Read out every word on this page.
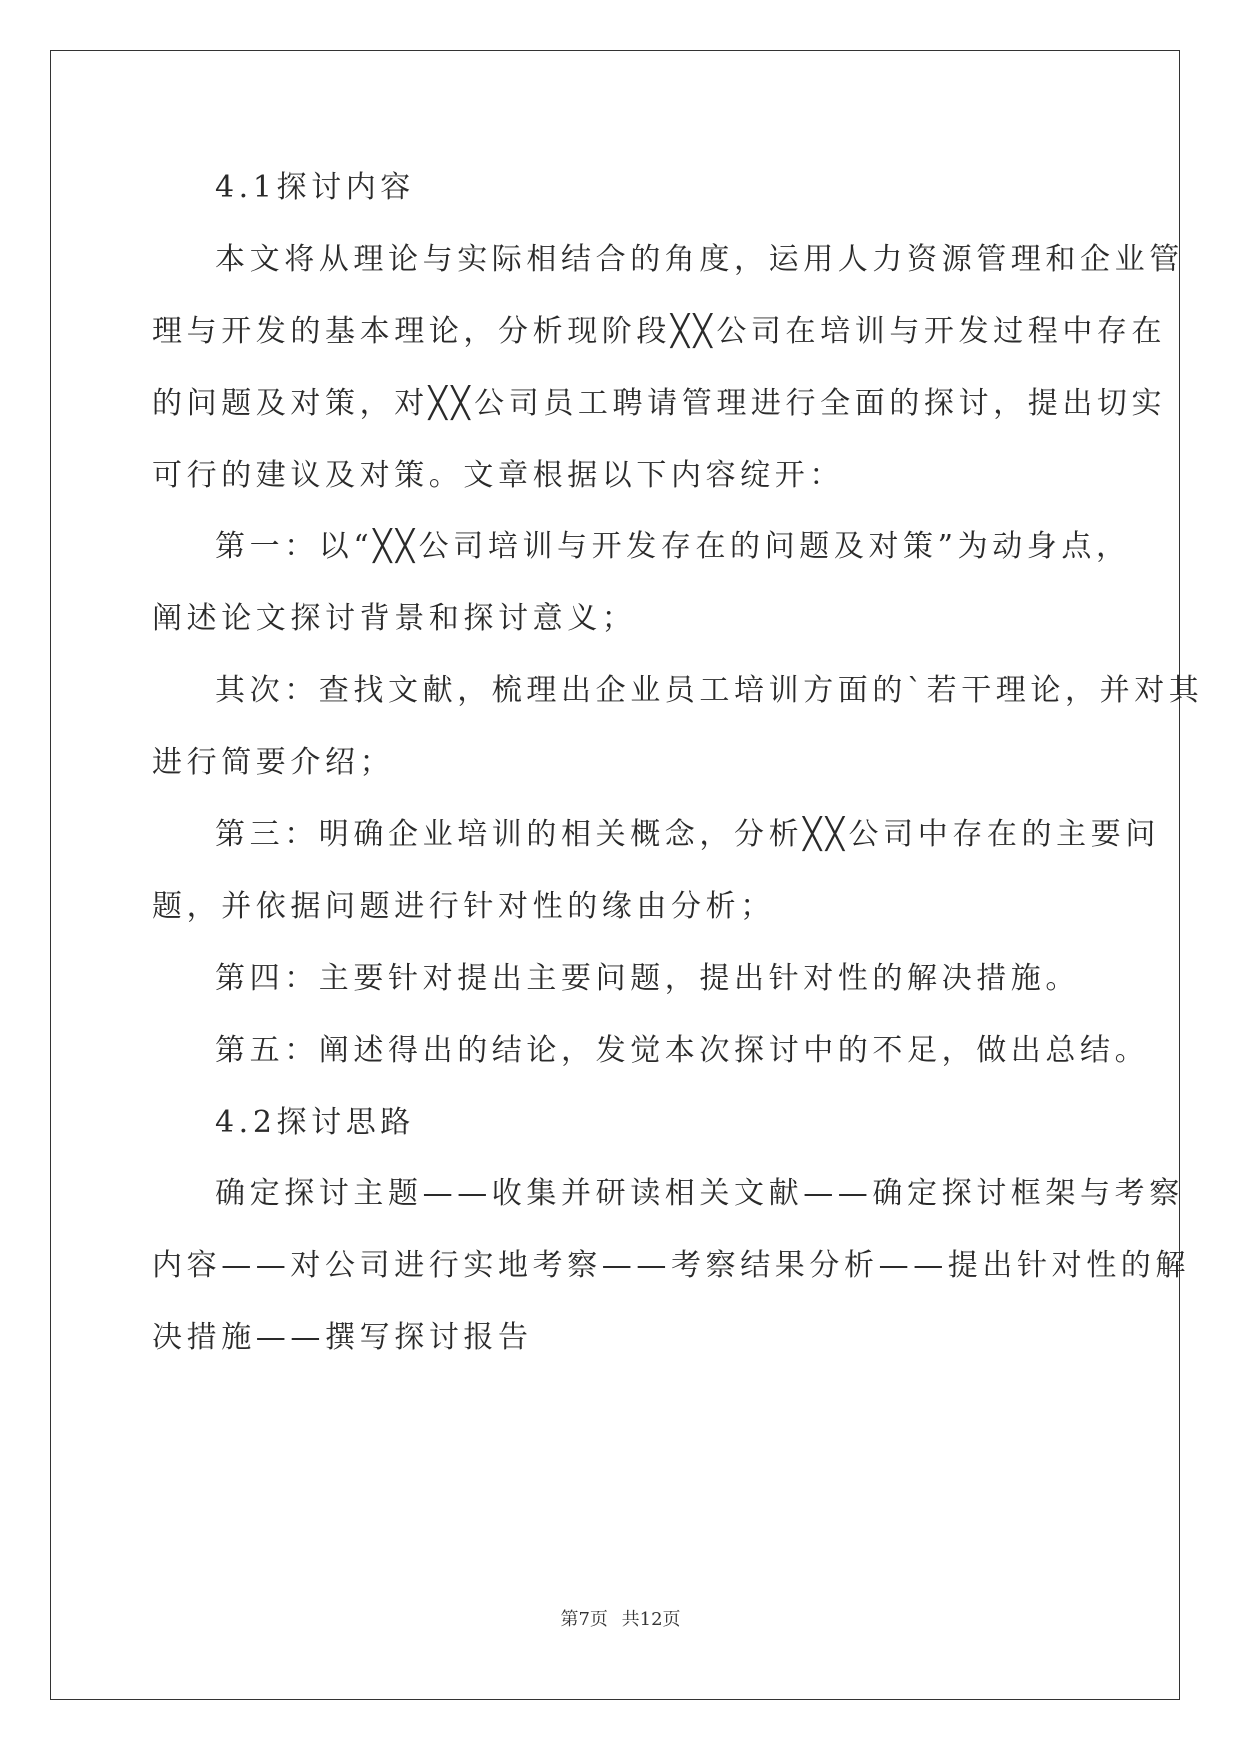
4.1探讨内容
本文将从理论与实际相结合的角度，运用人力资源管理和企业管
理与开发的基本理论，分析现阶段╳╳公司在培训与开发过程中存在
的问题及对策，对╳╳公司员工聘请管理进行全面的探讨，提出切实
可行的建议及对策。文章根据以下内容绽开：
第一：以“╳╳公司培训与开发存在的问题及对策”为动身点，
阐述论文探讨背景和探讨意义；
其次：查找文献，梳理出企业员工培训方面的`若干理论，并对其
进行简要介绍；
第三：明确企业培训的相关概念，分析╳╳公司中存在的主要问
题，并依据问题进行针对性的缘由分析；
第四：主要针对提出主要问题，提出针对性的解决措施。
第五：阐述得出的结论，发觉本次探讨中的不足，做出总结。
4.2探讨思路
确定探讨主题——收集并研读相关文献——确定探讨框架与考察
内容——对公司进行实地考察——考察结果分析——提出针对性的解
决措施——撰写探讨报告
第7页 共12页
